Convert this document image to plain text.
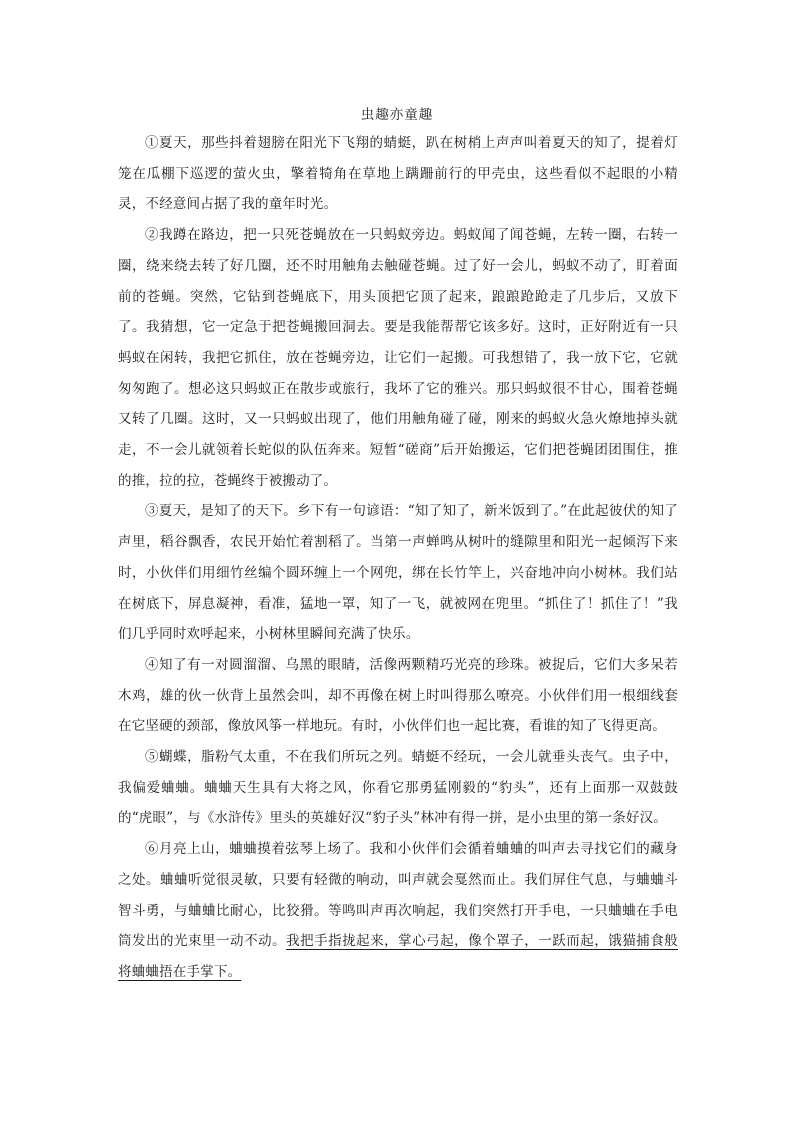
虫趣亦童趣

①夏天，那些抖着翅膀在阳光下飞翔的蜻蜓，趴在树梢上声声叫着夏天的知了，提着灯笼在瓜棚下巡逻的萤火虫，擎着犄角在草地上蹒跚前行的甲壳虫，这些看似不起眼的小精灵，不经意间占据了我的童年时光。

②我蹲在路边，把一只死苍蝇放在一只蚂蚁旁边。蚂蚁闻了闻苍蝇，左转一圈，右转一圈，绕来绕去转了好几圈，还不时用触角去触碰苍蝇。过了好一会儿，蚂蚁不动了，盯着面前的苍蝇。突然，它钻到苍蝇底下，用头顶把它顶了起来，踉踉跄跄走了几步后，又放下了。我猜想，它一定急于把苍蝇搬回洞去。要是我能帮帮它该多好。这时，正好附近有一只蚂蚁在闲转，我把它抓住，放在苍蝇旁边，让它们一起搬。可我想错了，我一放下它，它就匆匆跑了。想必这只蚂蚁正在散步或旅行，我坏了它的雅兴。那只蚂蚁很不甘心，围着苍蝇又转了几圈。这时，又一只蚂蚁出现了，他们用触角碰了碰，刚来的蚂蚁火急火燎地掉头就走，不一会儿就领着长蛇似的队伍奔来。短暂“磋商”后开始搬运，它们把苍蝇团团围住，推的推，拉的拉，苍蝇终于被搬动了。

③夏天，是知了的天下。乡下有一句谚语：“知了知了，新米饭到了。”在此起彼伏的知了声里，稻谷飘香，农民开始忙着割稻了。当第一声蝉鸣从树叶的缝隙里和阳光一起倾泻下来时，小伙伴们用细竹丝编个圆环缠上一个网兜，绑在长竹竿上，兴奋地冲向小树林。我们站在树底下，屏息凝神，看准，猛地一罩，知了一飞，就被网在兜里。“抓住了！抓住了！”我们几乎同时欢呼起来，小树林里瞬间充满了快乐。

④知了有一对圆溜溜、乌黑的眼睛，活像两颗精巧光亮的珍珠。被捉后，它们大多呆若木鸡，雄的伙一伙背上虽然会叫，却不再像在树上时叫得那么嘹亮。小伙伴们用一根细线套在它坚硬的颈部，像放风筝一样地玩。有时，小伙伴们也一起比赛，看谁的知了飞得更高。

⑤蝴蝶，脂粉气太重，不在我们所玩之列。蜻蜓不经玩，一会儿就垂头丧气。虫子中，我偏爱蛐蛐。蛐蛐天生具有大将之风，你看它那勇猛刚毅的“豹头”，还有上面那一双鼓鼓的“虎眼”，与《水浒传》里头的英雄好汉“豹子头”林冲有得一拼，是小虫里的第一条好汉。

⑥月亮上山，蛐蛐摸着弦琴上场了。我和小伙伴们会循着蛐蛐的叫声去寻找它们的藏身之处。蛐蛐听觉很灵敏，只要有轻微的响动，叫声就会戛然而止。我们屏住气息，与蛐蛐斗智斗勇，与蛐蛐比耐心，比狡猾。等鸣叫声再次响起，我们突然打开手电，一只蛐蛐在手电筒发出的光束里一动不动。我把手指拢起来，掌心弓起，像个罩子，一跃而起，饿猫捕食般将蛐蛐捂在手掌下。
